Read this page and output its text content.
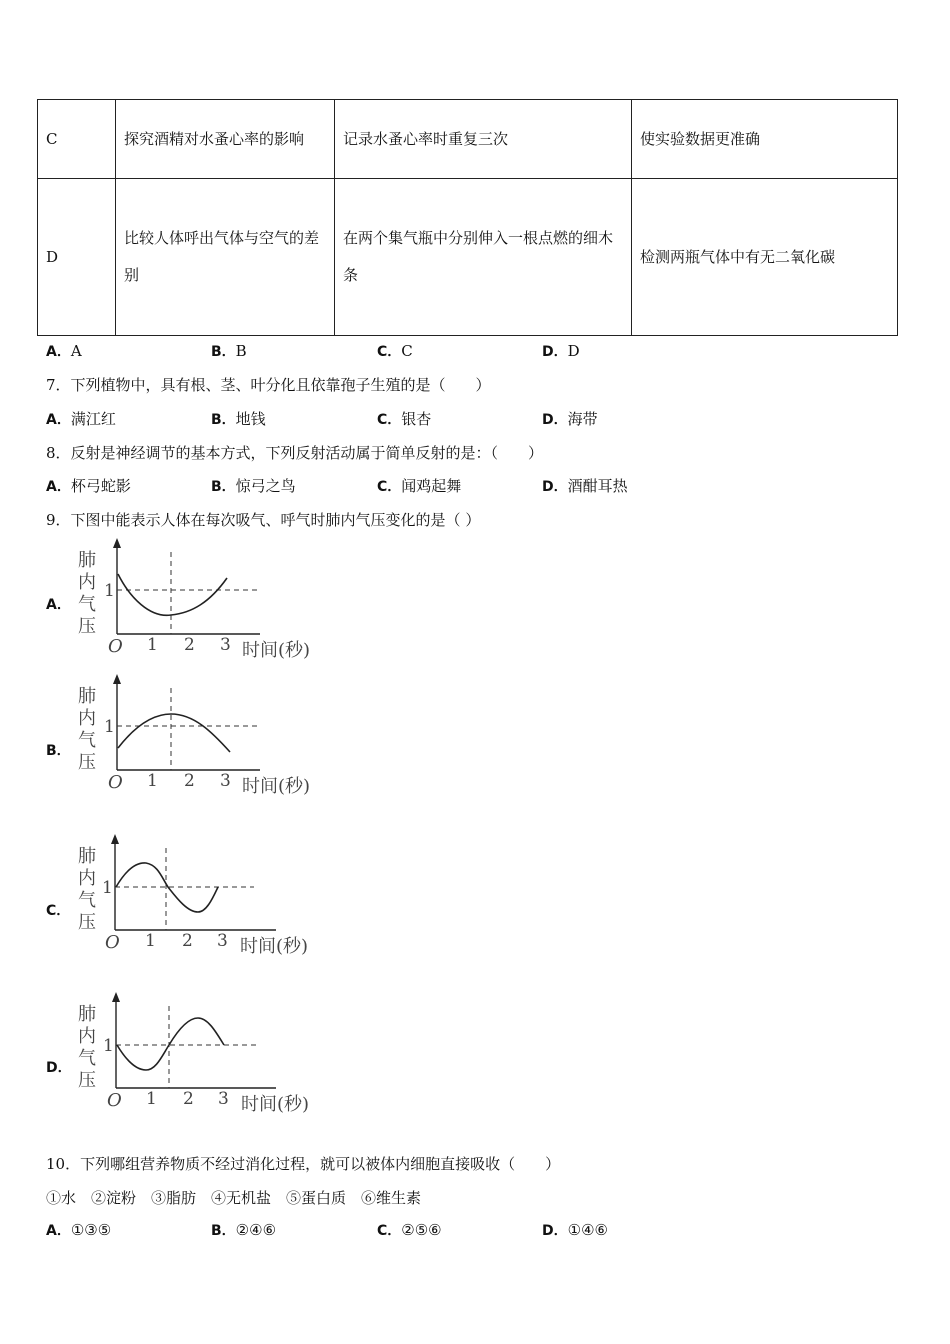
C	探究酒精对水蚤心率的影响	记录水蚤心率时重复三次	使实验数据更准确
D	比较人体呼出气体与空气的差别	在两个集气瓶中分别伸入一根点燃的细木条	检测两瓶气体中有无二氧化碳
A．A	B．B	C．C	D．D
7．下列植物中，具有根、茎、叶分化且依靠孢子生殖的是（　　）
A．满江红	B．地钱	C．银杏	D．海带
8．反射是神经调节的基本方式，下列反射活动属于简单反射的是：（　　）
A．杯弓蛇影	B．惊弓之鸟	C．闻鸡起舞	D．酒酣耳热
9．下图中能表示人体在每次吸气、呼气时肺内气压变化的是（ ）
A．
B．
C．
D．
肺
内
气
压
1
O 1 2 3 时间(秒)
肺
内
气
压
1
O 1 2 3 时间(秒)
肺
内
气
压
1
O 1 2 3 时间(秒)
肺
内
气
压
1
O 1 2 3 时间(秒)
10．下列哪组营养物质不经过消化过程，就可以被体内细胞直接吸收（　　）
①水　②淀粉　③脂肪　④无机盐　⑤蛋白质　⑥维生素
A．①③⑤	B．②④⑥	C．②⑤⑥	D．①④⑥
